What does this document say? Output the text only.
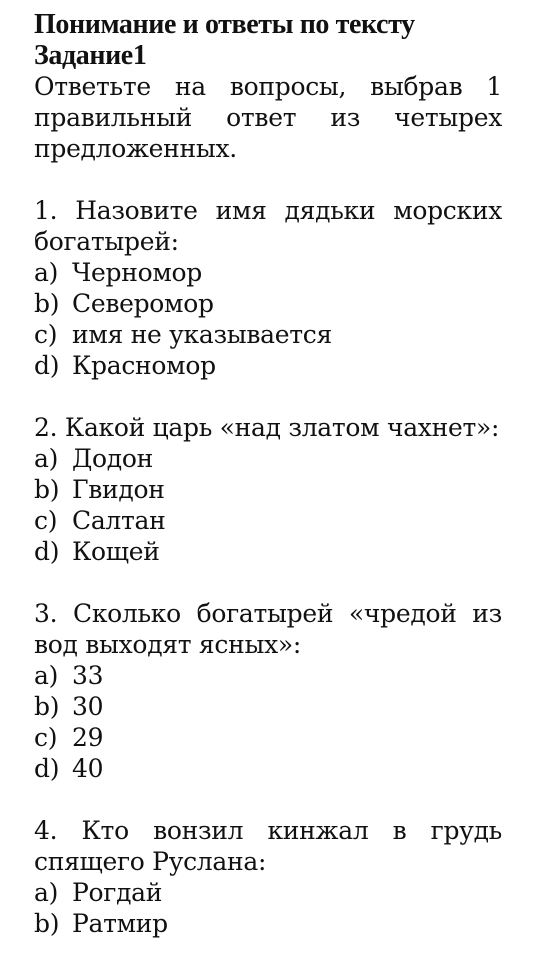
Понимание и ответы по тексту
Задание1

Ответьте на вопросы, выбрав 1 правильный ответ из четырех предложенных.

1. Назовите имя дядьки морских богатырей:

a) Черномор

b) Северомор

c) имя не указывается

d) Красномор

2. Какой царь «над златом чахнет»:

a) Додон

b) Гвидон

c) Салтан

d) Кощей

3. Сколько богатырей «чредой из вод выходят ясных»:

a) 33

b) 30

c) 29

d) 40

4. Кто вонзил кинжал в грудь спящего Руслана:

a) Рогдай

b) Ратмир
